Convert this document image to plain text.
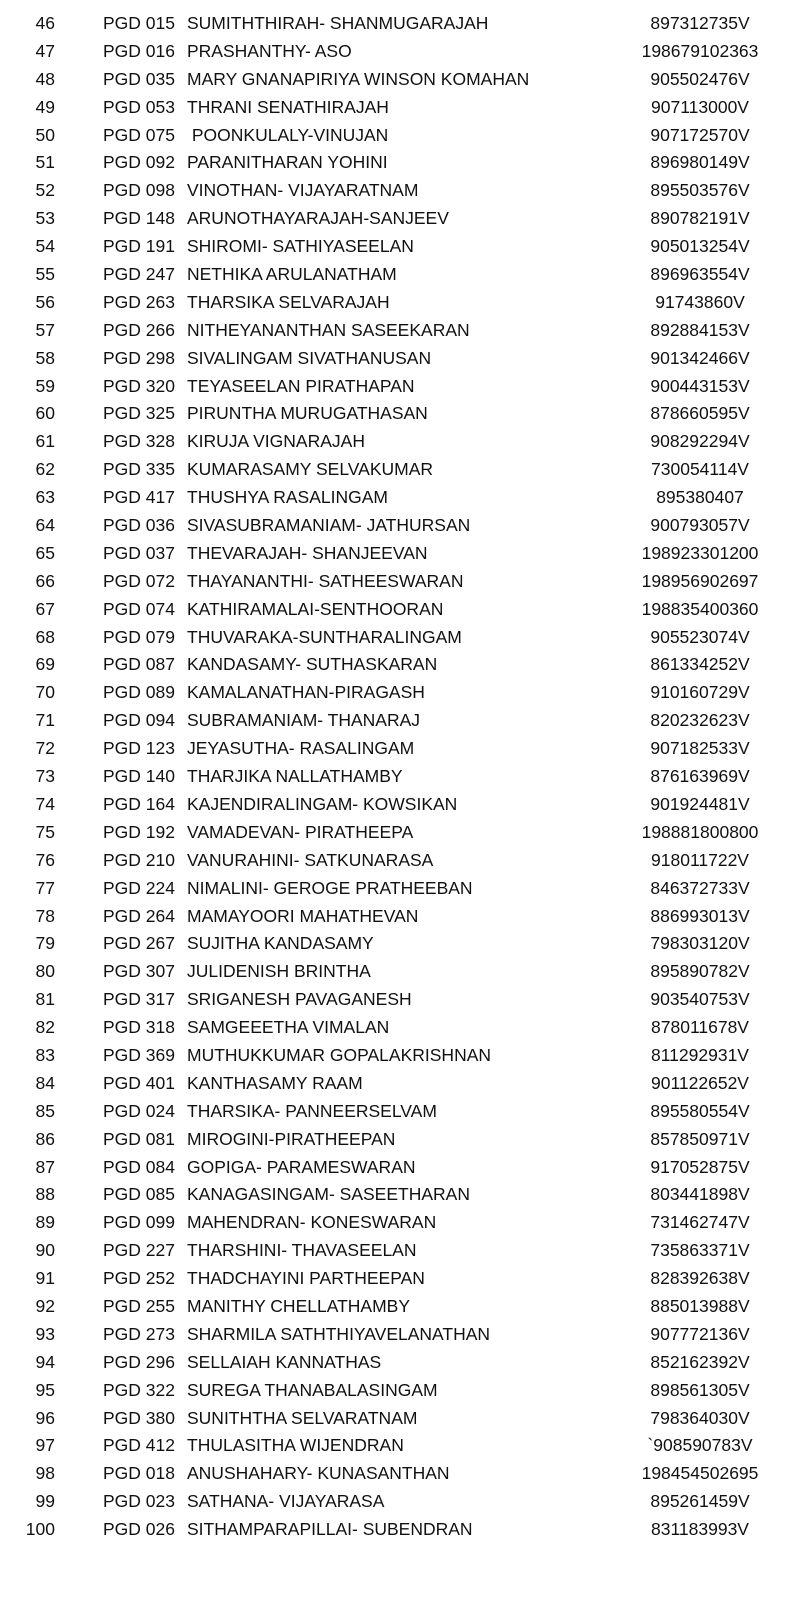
46	PGD 015 SUMITHTHIRAH- SHANMUGARAJAH	897312735V
47	PGD 016 PRASHANTHY- ASO	198679102363
48	PGD 035 MARY GNANAPIRIYA WINSON KOMAHAN	905502476V
49	PGD 053 THRANI SENATHIRAJAH	907113000V
50	PGD 075 POONKULALY-VINUJAN	907172570V
51	PGD 092 PARANITHARAN YOHINI	896980149V
52	PGD 098 VINOTHAN- VIJAYARATNAM	895503576V
53	PGD 148 ARUNOTHAYARAJAH-SANJEEV	890782191V
54	PGD 191 SHIROMI- SATHIYASEELAN	905013254V
55	PGD 247 NETHIKA ARULANATHAM	896963554V
56	PGD 263 THARSIKA SELVARAJAH	91743860V
57	PGD 266 NITHEYANANTHAN SASEEKARAN	892884153V
58	PGD 298 SIVALINGAM SIVATHANUSAN	901342466V
59	PGD 320 TEYASEELAN PIRATHAPAN	900443153V
60	PGD 325 PIRUNTHA MURUGATHASAN	878660595V
61	PGD 328 KIRUJA VIGNARAJAH	908292294V
62	PGD 335 KUMARASAMY SELVAKUMAR	730054114V
63	PGD 417 THUSHYA RASALINGAM	895380407
64	PGD 036 SIVASUBRAMANIAM- JATHURSAN	900793057V
65	PGD 037 THEVARAJAH- SHANJEEVAN	198923301200
66	PGD 072 THAYANANTHI- SATHEESWARAN	198956902697
67	PGD 074 KATHIRAMALAI-SENTHOORAN	198835400360
68	PGD 079 THUVARAKA-SUNTHARALINGAM	905523074V
69	PGD 087 KANDASAMY- SUTHASKARAN	861334252V
70	PGD 089 KAMALANATHAN-PIRAGASH	910160729V
71	PGD 094 SUBRAMANIAM- THANARAJ	820232623V
72	PGD 123 JEYASUTHA- RASALINGAM	907182533V
73	PGD 140 THARJIKA NALLATHAMBY	876163969V
74	PGD 164 KAJENDIRALINGAM- KOWSIKAN	901924481V
75	PGD 192 VAMADEVAN- PIRATHEEPA	198881800800
76	PGD 210 VANURAHINI- SATKUNARASA	918011722V
77	PGD 224 NIMALINI- GEROGE PRATHEEBAN	846372733V
78	PGD 264 MAMAYOORI MAHATHEVAN	886993013V
79	PGD 267 SUJITHA KANDASAMY	798303120V
80	PGD 307 JULIDENISH BRINTHA	895890782V
81	PGD 317 SRIGANESH PAVAGANESH	903540753V
82	PGD 318 SAMGEEETHA VIMALAN	878011678V
83	PGD 369 MUTHUKKUMAR GOPALAKRISHNAN	811292931V
84	PGD 401 KANTHASAMY RAAM	901122652V
85	PGD 024 THARSIKA- PANNEERSELVAM	895580554V
86	PGD 081 MIROGINI-PIRATHEEPAN	857850971V
87	PGD 084 GOPIGA- PARAMESWARAN	917052875V
88	PGD 085 KANAGASINGAM- SASEETHARAN	803441898V
89	PGD 099 MAHENDRAN- KONESWARAN	731462747V
90	PGD 227 THARSHINI- THAVASEELAN	735863371V
91	PGD 252 THADCHAYINI PARTHEEPAN	828392638V
92	PGD 255 MANITHY CHELLATHAMBY	885013988V
93	PGD 273 SHARMILA SATHTHIYAVELANATHAN	907772136V
94	PGD 296 SELLAIAH KANNATHAS	852162392V
95	PGD 322 SUREGA THANABALASINGAM	898561305V
96	PGD 380 SUNITHTHA SELVARATNAM	798364030V
97	PGD 412 THULASITHA WIJENDRAN	`908590783V
98	PGD 018 ANUSHAHARY- KUNASANTHAN	198454502695
99	PGD 023 SATHANA- VIJAYARASA	895261459V
100	PGD 026 SITHAMPARAPILLAI- SUBENDRAN	831183993V
